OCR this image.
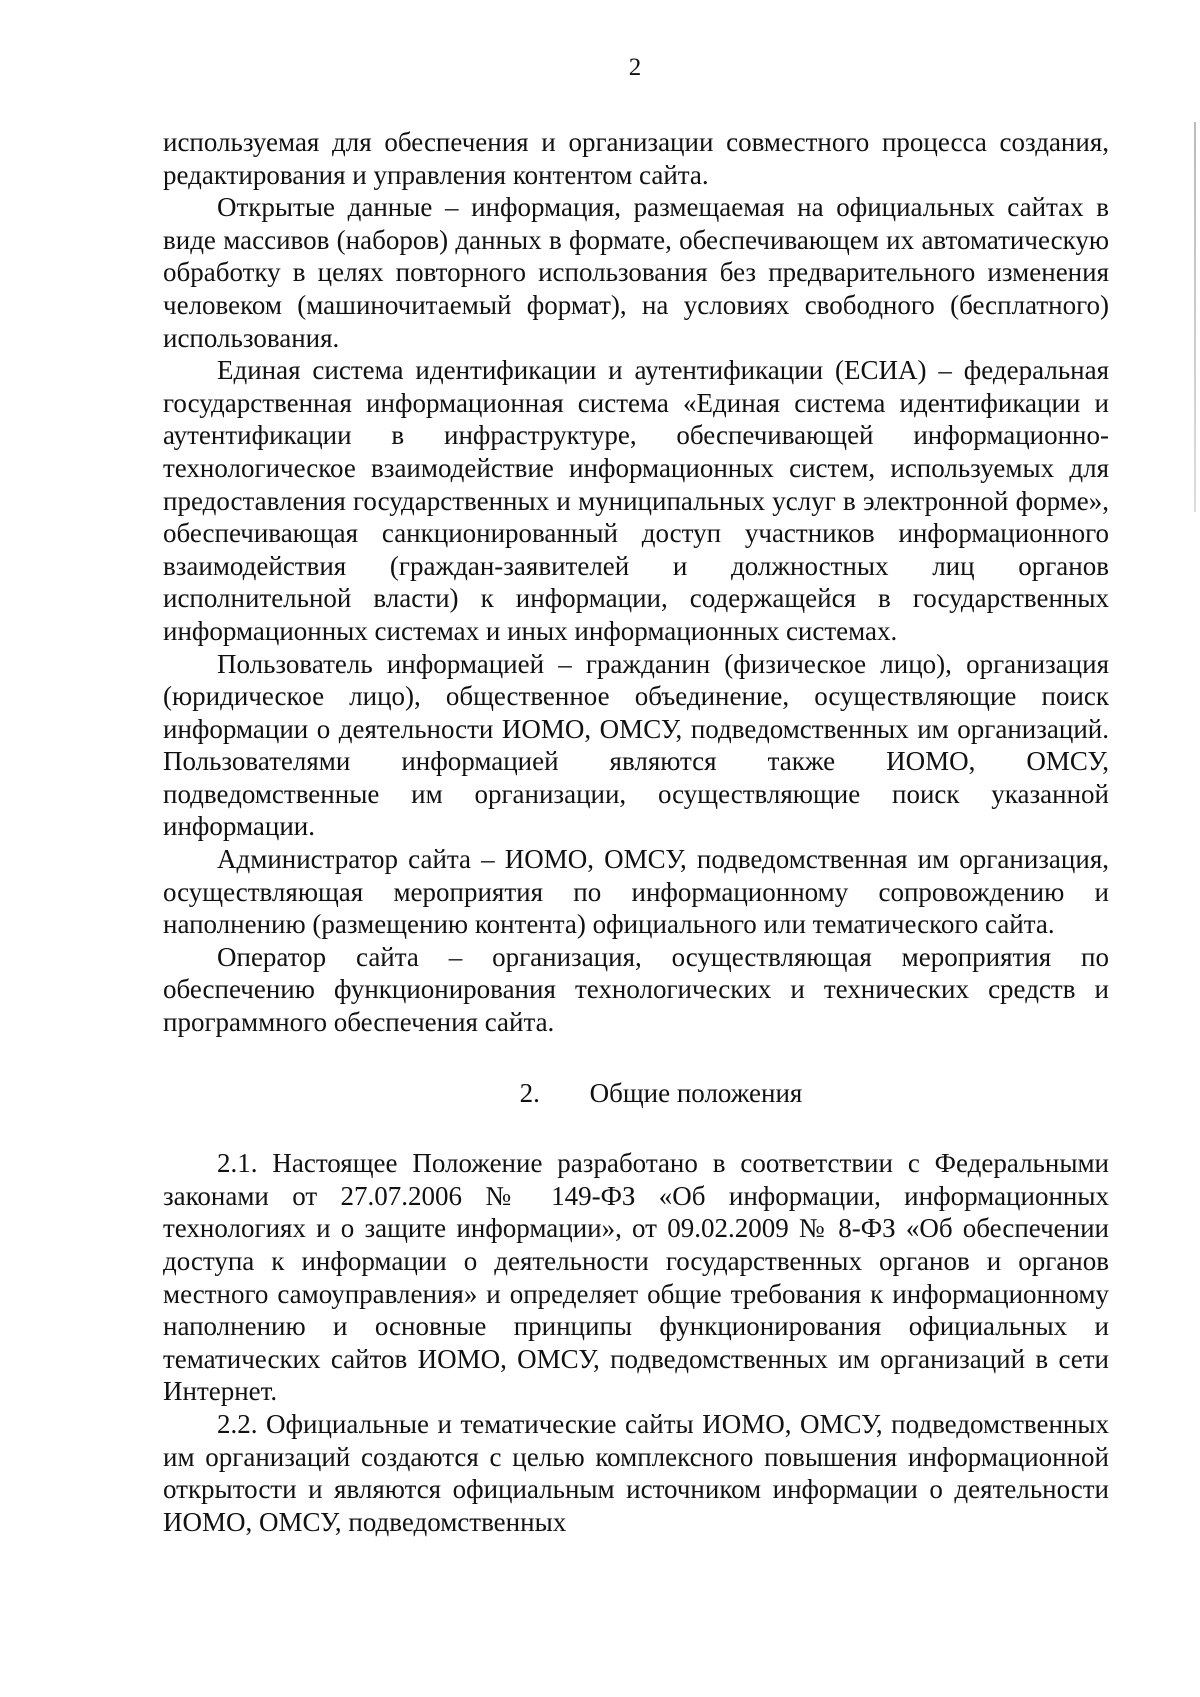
2

используемая для обеспечения и организации совместного процесса создания, редактирования и управления контентом сайта.

Открытые данные – информация, размещаемая на официальных сайтах в виде массивов (наборов) данных в формате, обеспечивающем их автоматическую обработку в целях повторного использования без предварительного изменения человеком (машиночитаемый формат), на условиях свободного (бесплатного) использования.

Единая система идентификации и аутентификации (ЕСИА) – федеральная государственная информационная система «Единая система идентификации и аутентификации в инфраструктуре, обеспечивающей информационно-технологическое взаимодействие информационных систем, используемых для предоставления государственных и муниципальных услуг в электронной форме», обеспечивающая санкционированный доступ участников информационного взаимодействия (граждан-заявителей и должностных лиц органов исполнительной власти) к информации, содержащейся в государственных информационных системах и иных информационных системах.

Пользователь информацией – гражданин (физическое лицо), организация (юридическое лицо), общественное объединение, осуществляющие поиск информации о деятельности ИОМО, ОМСУ, подведомственных им организаций. Пользователями информацией являются также ИОМО, ОМСУ, подведомственные им организации, осуществляющие поиск указанной информации.

Администратор сайта – ИОМО, ОМСУ, подведомственная им организация, осуществляющая мероприятия по информационному сопровождению и наполнению (размещению контента) официального или тематического сайта.

Оператор сайта – организация, осуществляющая мероприятия по обеспечению функционирования технологических и технических средств и программного обеспечения сайта.

2. Общие положения

2.1. Настоящее Положение разработано в соответствии с Федеральными законами от 27.07.2006 № 149-ФЗ «Об информации, информационных технологиях и о защите информации», от 09.02.2009 № 8-ФЗ «Об обеспечении доступа к информации о деятельности государственных органов и органов местного самоуправления» и определяет общие требования к информационному наполнению и основные принципы функционирования официальных и тематических сайтов ИОМО, ОМСУ, подведомственных им организаций в сети Интернет.

2.2. Официальные и тематические сайты ИОМО, ОМСУ, подведомственных им организаций создаются с целью комплексного повышения информационной открытости и являются официальным источником информации о деятельности ИОМО, ОМСУ, подведомственных
